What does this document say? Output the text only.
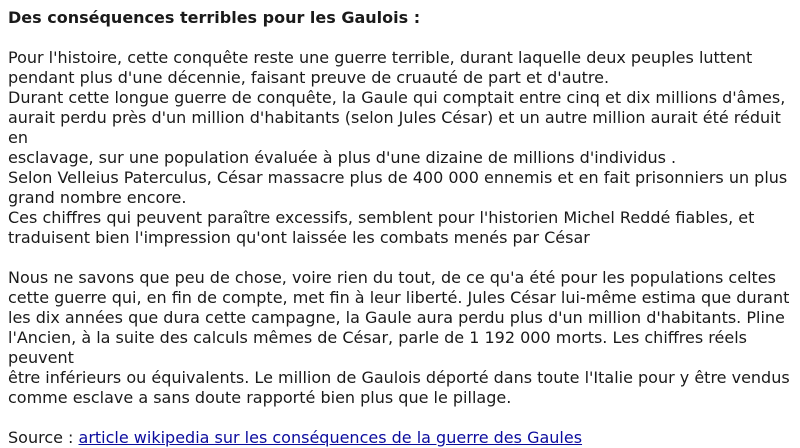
Des conséquences terribles pour les Gaulois :

Pour l'histoire, cette conquête reste une guerre terrible, durant laquelle deux peuples luttent
pendant plus d'une décennie, faisant preuve de cruauté de part et d'autre.
Durant cette longue guerre de conquête, la Gaule qui comptait entre cinq et dix millions d'âmes,
aurait perdu près d'un million d'habitants (selon Jules César) et un autre million aurait été réduit en
esclavage, sur une population évaluée à plus d'une dizaine de millions d'individus .
Selon Velleius Paterculus, César massacre plus de 400 000 ennemis et en fait prisonniers un plus
grand nombre encore.
Ces chiffres qui peuvent paraître excessifs, semblent pour l'historien Michel Reddé fiables, et
traduisent bien l'impression qu'ont laissée les combats menés par César

Nous ne savons que peu de chose, voire rien du tout, de ce qu'a été pour les populations celtes
cette guerre qui, en fin de compte, met fin à leur liberté. Jules César lui-même estima que durant
les dix années que dura cette campagne, la Gaule aura perdu plus d'un million d'habitants. Pline
l'Ancien, à la suite des calculs mêmes de César, parle de 1 192 000 morts. Les chiffres réels peuvent
être inférieurs ou équivalents. Le million de Gaulois déporté dans toute l'Italie pour y être vendus
comme esclave a sans doute rapporté bien plus que le pillage.

Source : article wikipedia sur les conséquences de la guerre des Gaules
